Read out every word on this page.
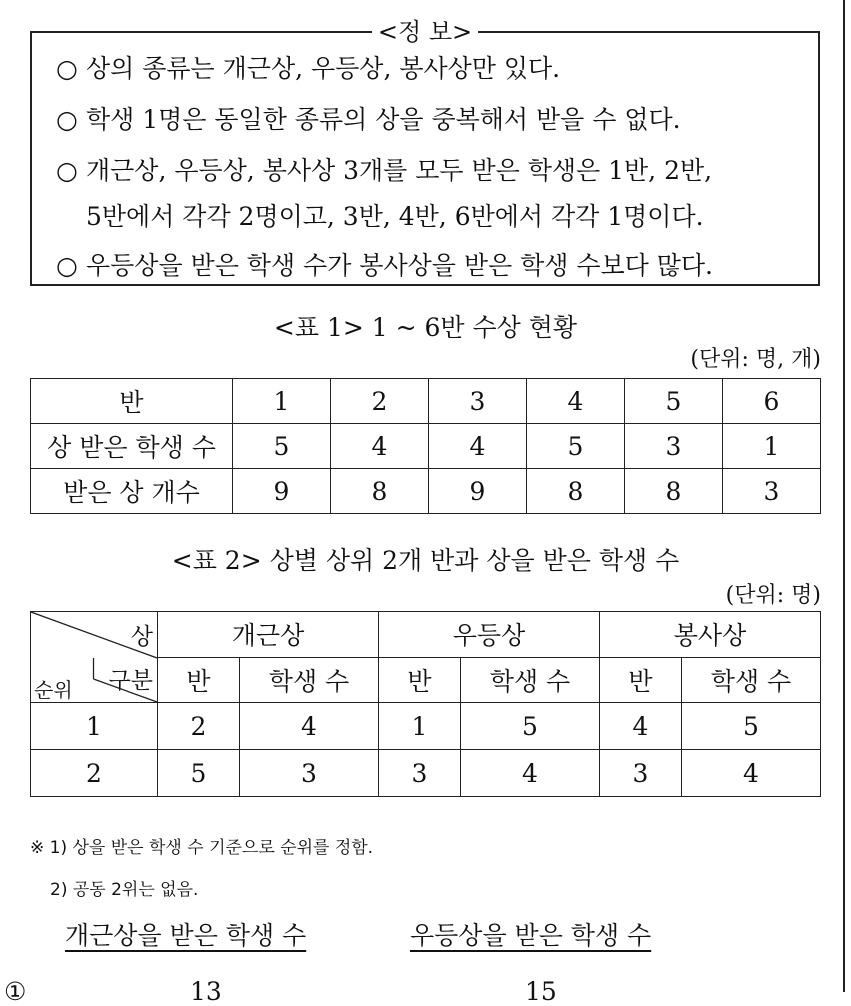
<정 보>
○ 상의 종류는 개근상, 우등상, 봉사상만 있다.
○ 학생 1명은 동일한 종류의 상을 중복해서 받을 수 없다.
○ 개근상, 우등상, 봉사상 3개를 모두 받은 학생은 1반, 2반,
5반에서 각각 2명이고, 3반, 4반, 6반에서 각각 1명이다.
○ 우등상을 받은 학생 수가 봉사상을 받은 학생 수보다 많다.
<표 1> 1 ~ 6반 수상 현황
(단위: 명, 개)
반	1	2	3	4	5	6
상 받은 학생 수	5	4	4	5	3	1
받은 상 개수	9	8	9	8	8	3
<표 2> 상별 상위 2개 반과 상을 받은 학생 수
(단위: 명)
상
구분
순위	개근상		우등상		봉사상	
	반	학생 수	반	학생 수	반	학생 수
1	2	4	1	5	4	5
2	5	3	3	4	3	4
※ 1) 상을 받은 학생 수 기준으로 순위를 정함.
2) 공동 2위는 없음.
개근상을 받은 학생 수	우등상을 받은 학생 수
①	13	15
